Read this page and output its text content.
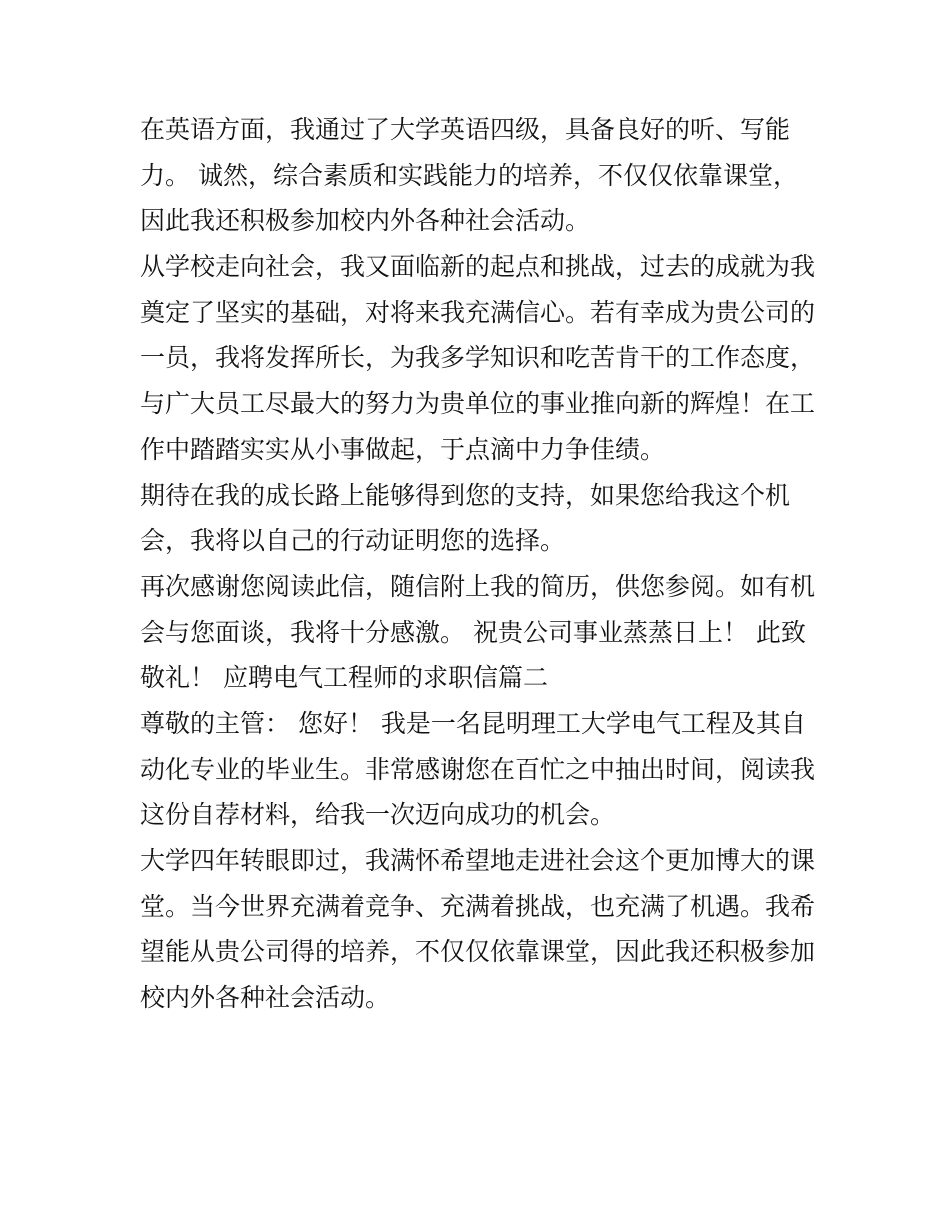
在英语方面，我通过了大学英语四级，具备良好的听、写能
力。 诚然，综合素质和实践能力的培养，不仅仅依靠课堂，
因此我还积极参加校内外各种社会活动。
从学校走向社会，我又面临新的起点和挑战，过去的成就为我
奠定了坚实的基础，对将来我充满信心。若有幸成为贵公司的
一员，我将发挥所长，为我多学知识和吃苦肯干的工作态度，
与广大员工尽最大的努力为贵单位的事业推向新的辉煌！在工
作中踏踏实实从小事做起，于点滴中力争佳绩。
期待在我的成长路上能够得到您的支持，如果您给我这个机
会，我将以自己的行动证明您的选择。
再次感谢您阅读此信，随信附上我的简历，供您参阅。如有机
会与您面谈，我将十分感激。 祝贵公司事业蒸蒸日上！ 此致
敬礼！ 应聘电气工程师的求职信篇二
尊敬的主管： 您好！ 我是一名昆明理工大学电气工程及其自
动化专业的毕业生。非常感谢您在百忙之中抽出时间，阅读我
这份自荐材料，给我一次迈向成功的机会。
大学四年转眼即过，我满怀希望地走进社会这个更加博大的课
堂。当今世界充满着竞争、充满着挑战，也充满了机遇。我希
望能从贵公司得的培养，不仅仅依靠课堂，因此我还积极参加
校内外各种社会活动。
